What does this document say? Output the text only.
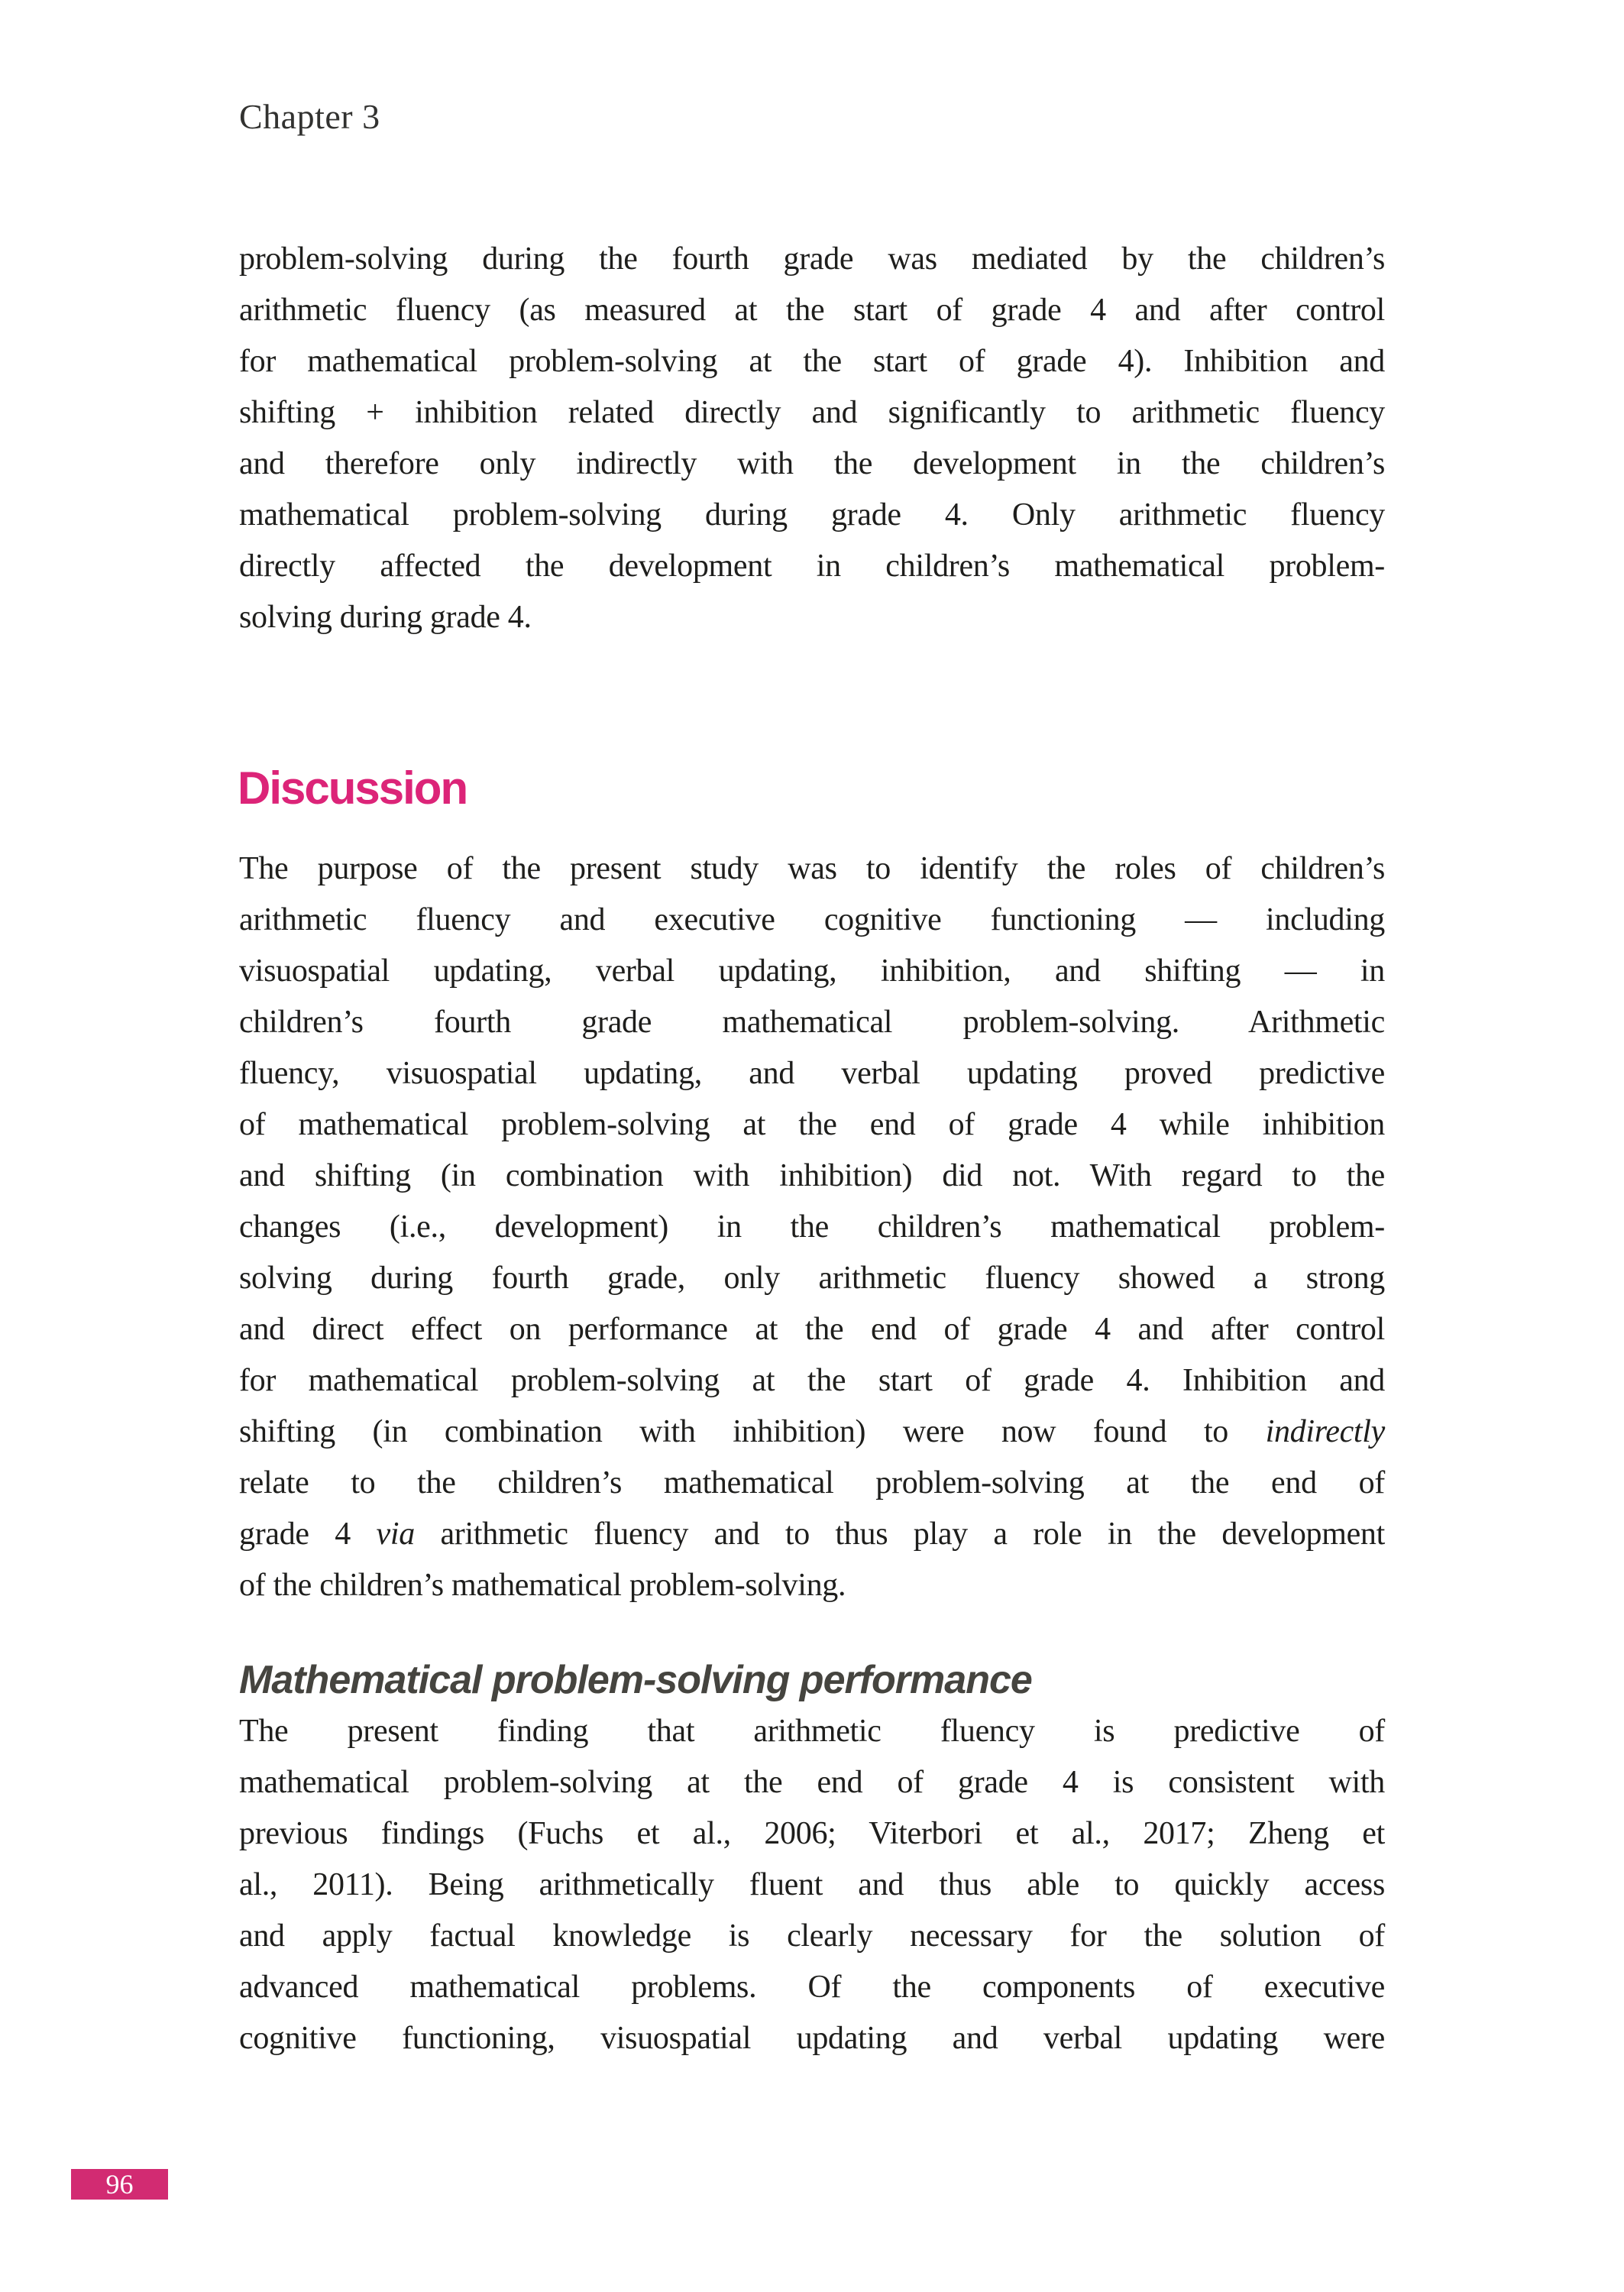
Chapter 3
problem-solving during the fourth grade was mediated by the children’s
arithmetic fluency (as measured at the start of grade 4 and after control
for mathematical problem-solving at the start of grade 4). Inhibition and
shifting + inhibition related directly and significantly to arithmetic fluency
and therefore only indirectly with the development in the children’s
mathematical problem-solving during grade 4. Only arithmetic fluency
directly affected the development in children’s mathematical problem-
solving during grade 4.
Discussion
The purpose of the present study was to identify the roles of children’s
arithmetic fluency and executive cognitive functioning — including
visuospatial updating, verbal updating, inhibition, and shifting — in
children’s fourth grade mathematical problem-solving. Arithmetic
fluency, visuospatial updating, and verbal updating proved predictive
of mathematical problem-solving at the end of grade 4 while inhibition
and shifting (in combination with inhibition) did not. With regard to the
changes (i.e., development) in the children’s mathematical problem-
solving during fourth grade, only arithmetic fluency showed a strong
and direct effect on performance at the end of grade 4 and after control
for mathematical problem-solving at the start of grade 4. Inhibition and
shifting (in combination with inhibition) were now found to indirectly
relate to the children’s mathematical problem-solving at the end of
grade 4 via arithmetic fluency and to thus play a role in the development
of the children’s mathematical problem-solving.
Mathematical problem-solving performance
The present finding that arithmetic fluency is predictive of
mathematical problem-solving at the end of grade 4 is consistent with
previous findings (Fuchs et al., 2006; Viterbori et al., 2017; Zheng et
al., 2011). Being arithmetically fluent and thus able to quickly access
and apply factual knowledge is clearly necessary for the solution of
advanced mathematical problems. Of the components of executive
cognitive functioning, visuospatial updating and verbal updating were
96
